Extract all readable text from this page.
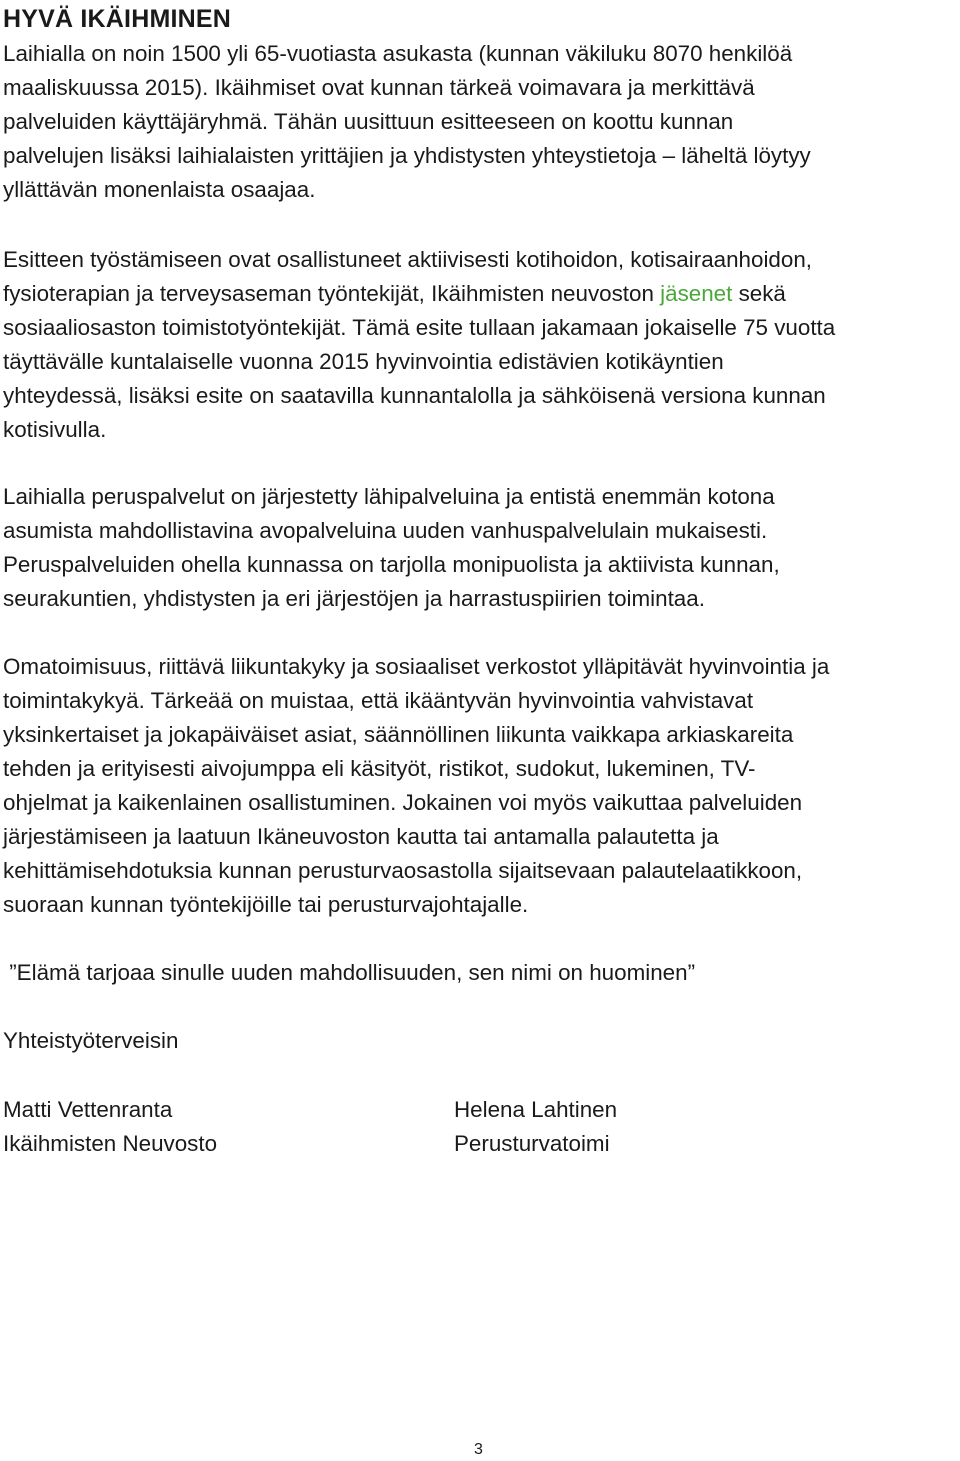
HYVÄ IKÄIHMINEN

Laihialla on noin 1500 yli 65-vuotiasta asukasta (kunnan väkiluku 8070 henkilöä
maaliskuussa 2015). Ikäihmiset ovat kunnan tärkeä voimavara ja merkittävä
palveluiden käyttäjäryhmä. Tähän uusittuun esitteeseen on koottu kunnan
palvelujen lisäksi laihialaisten yrittäjien ja yhdistysten yhteystietoja – läheltä löytyy
yllättävän monenlaista osaajaa.

Esitteen työstämiseen ovat osallistuneet aktiivisesti kotihoidon, kotisairaanhoidon,
fysioterapian ja terveysaseman työntekijät, Ikäihmisten neuvoston jäsenet sekä
sosiaaliosaston toimistotyöntekijät. Tämä esite tullaan jakamaan jokaiselle 75 vuotta
täyttävälle kuntalaiselle vuonna 2015 hyvinvointia edistävien kotikäyntien
yhteydessä, lisäksi esite on saatavilla kunnantalolla ja sähköisenä versiona kunnan
kotisivulla.

Laihialla peruspalvelut on järjestetty lähipalveluina ja entistä enemmän kotona
asumista mahdollistavina avopalveluina uuden vanhuspalvelulain mukaisesti.
Peruspalveluiden ohella kunnassa on tarjolla monipuolista ja aktiivista kunnan,
seurakuntien, yhdistysten ja eri järjestöjen ja harrastuspiirien toimintaa.

Omatoimisuus, riittävä liikuntakyky ja sosiaaliset verkostot ylläpitävät hyvinvointia ja
toimintakykyä. Tärkeää on muistaa, että ikääntyvän hyvinvointia vahvistavat
yksinkertaiset ja jokapäiväiset asiat, säännöllinen liikunta vaikkapa arkiaskareita
tehden ja erityisesti aivojumppa eli käsityöt, ristikot, sudokut, lukeminen, TV-
ohjelmat ja kaikenlainen osallistuminen. Jokainen voi myös vaikuttaa palveluiden
järjestämiseen ja laatuun Ikäneuvoston kautta tai antamalla palautetta ja
kehittämisehdotuksia kunnan perusturvaosastolla sijaitsevaan palautelaatikkoon,
suoraan kunnan työntekijöille tai perusturvajohtajalle.

”Elämä tarjoaa sinulle uuden mahdollisuuden, sen nimi on huominen”

Yhteistyöterveisin

Matti Vettenranta
Ikäihmisten Neuvosto
Helena Lahtinen
Perusturvatoimi
3
